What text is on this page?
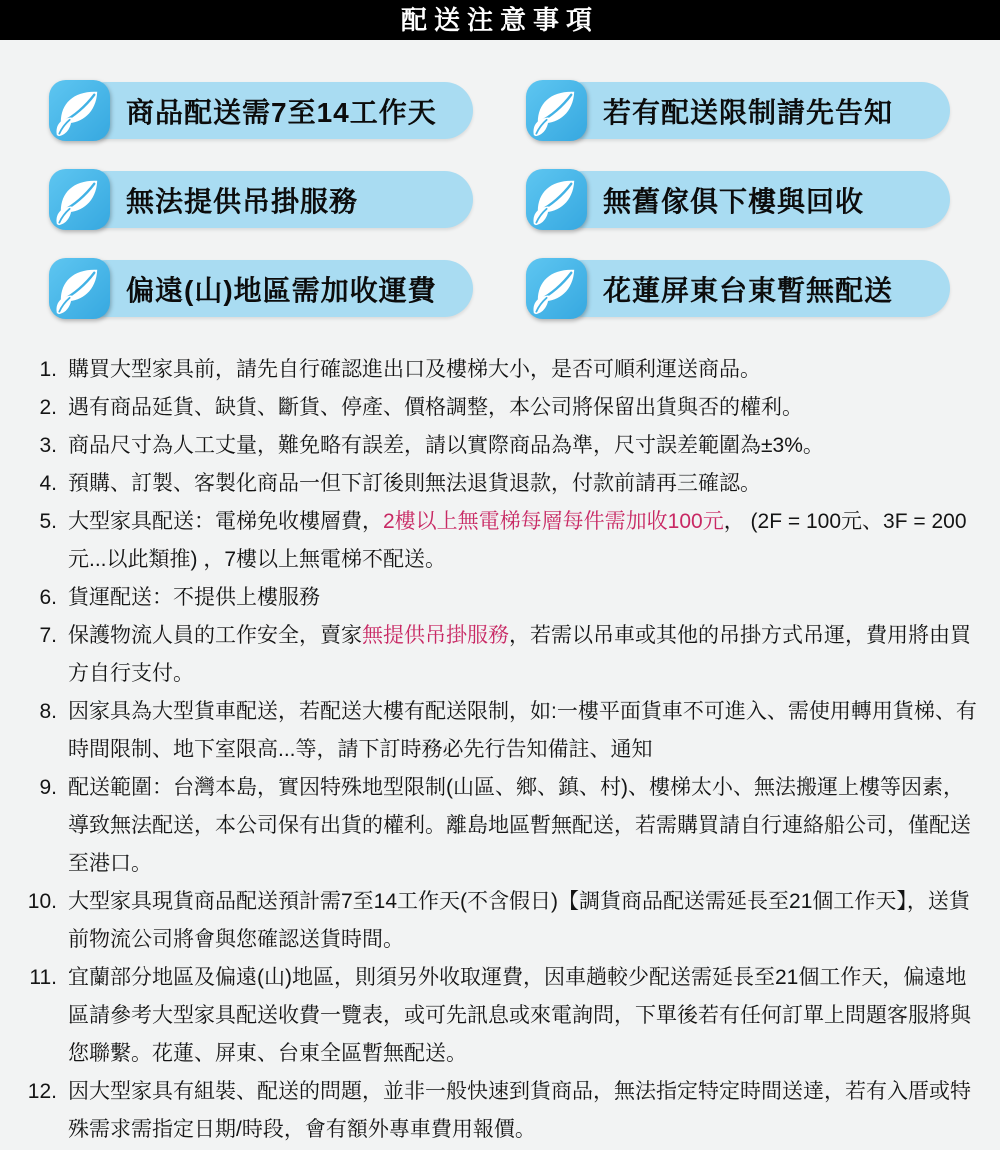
配送注意事項
商品配送需7至14工作天	若有配送限制請先告知
無法提供吊掛服務	無舊傢俱下樓與回收
偏遠(山)地區需加收運費	花蓮屏東台東暫無配送
1. 購買大型家具前，請先自行確認進出口及樓梯大小，是否可順利運送商品。
2. 遇有商品延貨、缺貨、斷貨、停產、價格調整，本公司將保留出貨與否的權利。
3. 商品尺寸為人工丈量，難免略有誤差，請以實際商品為準，尺寸誤差範圍為±3%。
4. 預購、訂製、客製化商品一但下訂後則無法退貨退款，付款前請再三確認。
5. 大型家具配送：電梯免收樓層費，2樓以上無電梯每層每件需加收100元， (2F = 100元、3F = 200元...以此類推) ，7樓以上無電梯不配送。
6. 貨運配送：不提供上樓服務
7. 保護物流人員的工作安全，賣家無提供吊掛服務，若需以吊車或其他的吊掛方式吊運，費用將由買方自行支付。
8. 因家具為大型貨車配送，若配送大樓有配送限制，如:一樓平面貨車不可進入、需使用轉用貨梯、有時間限制、地下室限高...等，請下訂時務必先行告知備註、通知
9. 配送範圍：台灣本島，實因特殊地型限制(山區、鄉、鎮、村)、樓梯太小、無法搬運上樓等因素，導致無法配送，本公司保有出貨的權利。離島地區暫無配送，若需購買請自行連絡船公司，僅配送至港口。
10. 大型家具現貨商品配送預計需7至14工作天(不含假日)【調貨商品配送需延長至21個工作天】，送貨前物流公司將會與您確認送貨時間。
11. 宜蘭部分地區及偏遠(山)地區，則須另外收取運費，因車趟較少配送需延長至21個工作天，偏遠地區請參考大型家具配送收費一覽表，或可先訊息或來電詢問，下單後若有任何訂單上問題客服將與您聯繫。花蓮、屏東、台東全區暫無配送。
12. 因大型家具有組裝、配送的問題，並非一般快速到貨商品，無法指定特定時間送達，若有入厝或特殊需求需指定日期/時段，會有額外專車費用報價。
